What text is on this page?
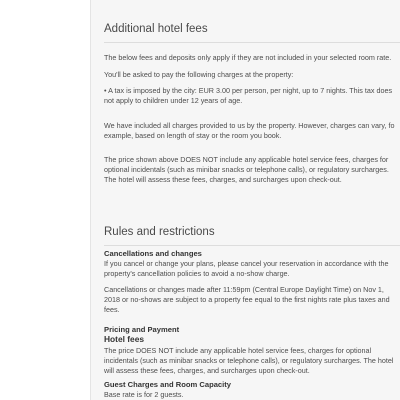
Additional hotel fees

The below fees and deposits only apply if they are not included in your selected room rate.

You'll be asked to pay the following charges at the property:

• A tax is imposed by the city: EUR 3.00 per person, per night, up to 7 nights. This tax does

not apply to children under 12 years of age.

We have included all charges provided to us by the property. However, charges can vary, fo

example, based on length of stay or the room you book.

The price shown above DOES NOT include any applicable hotel service fees, charges for

optional incidentals (such as minibar snacks or telephone calls), or regulatory surcharges.

The hotel will assess these fees, charges, and surcharges upon check-out.

Rules and restrictions

Cancellations and changes

If you cancel or change your plans, please cancel your reservation in accordance with the

property's cancellation policies to avoid a no-show charge.

Cancellations or changes made after 11:59pm (Central Europe Daylight Time) on Nov 1,

2018 or no-shows are subject to a property fee equal to the first nights rate plus taxes and

fees.

Pricing and Payment

Hotel fees

The price DOES NOT include any applicable hotel service fees, charges for optional

incidentals (such as minibar snacks or telephone calls), or regulatory surcharges. The hotel

will assess these fees, charges, and surcharges upon check-out.

Guest Charges and Room Capacity

Base rate is for 2 guests.
